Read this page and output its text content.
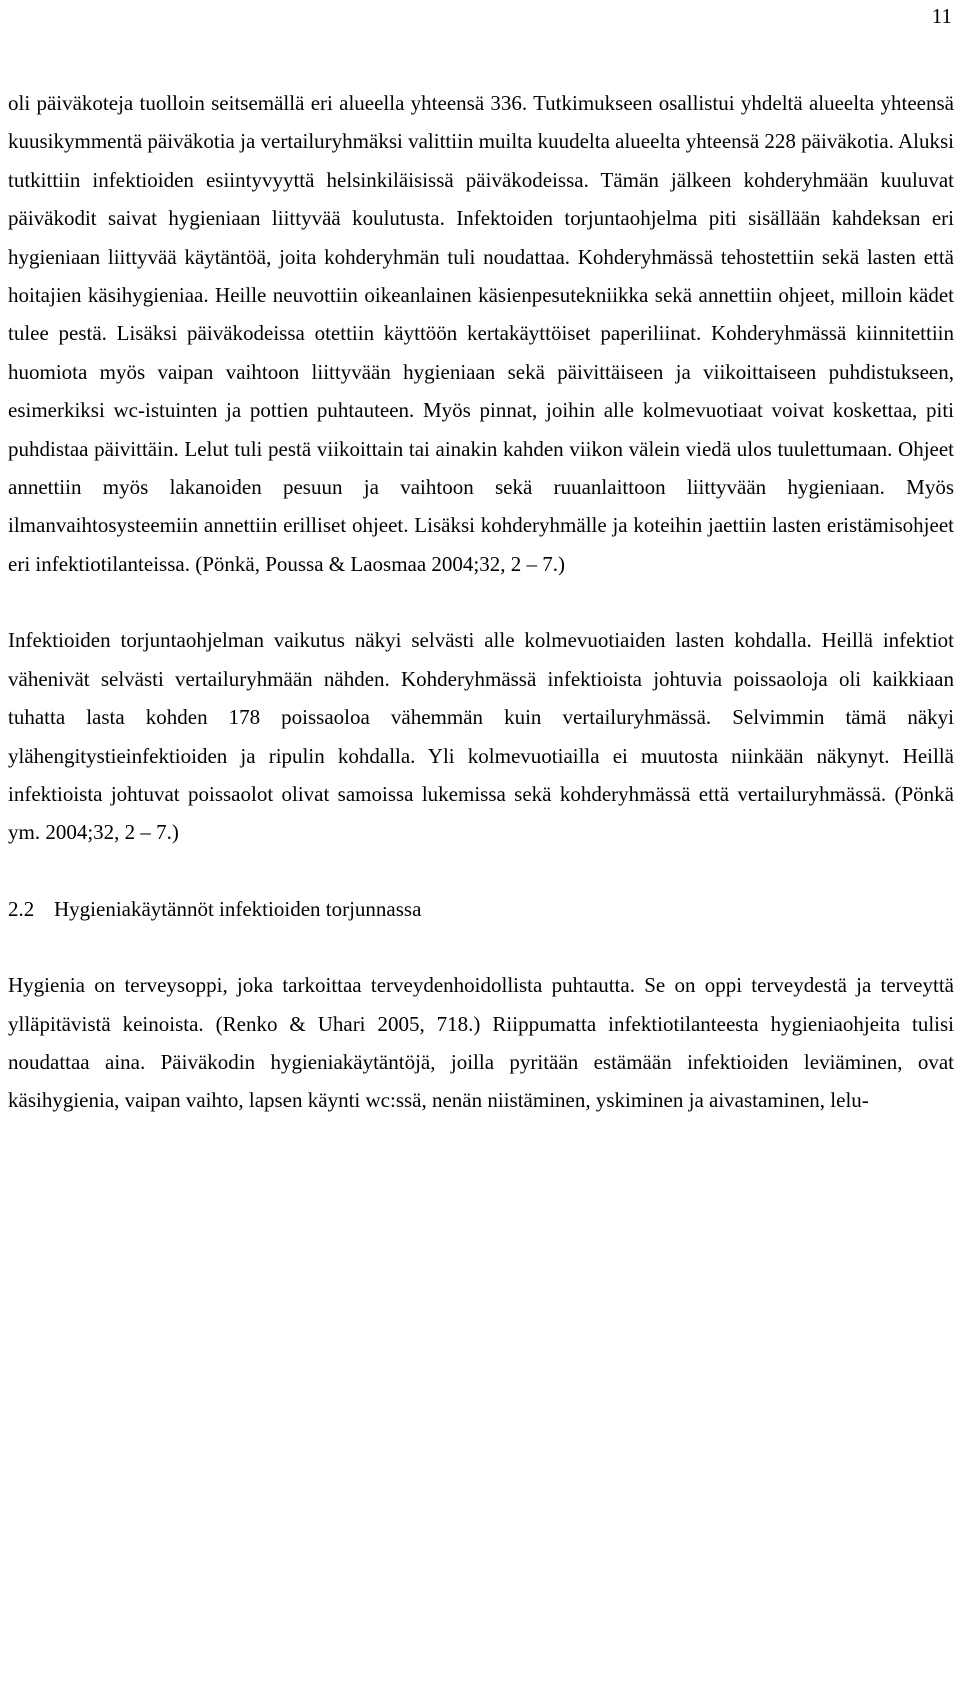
11

oli päiväkoteja tuolloin seitsemällä eri alueella yhteensä 336. Tutkimukseen osallistui yhdeltä alueelta yhteensä kuusikymmentä päiväkotia ja vertailuryhmäksi valittiin muilta kuudelta alueelta yhteensä 228 päiväkotia. Aluksi tutkittiin infektioiden esiintyvyyttä helsinkiläisissä päiväkodeissa. Tämän jälkeen kohderyhmään kuuluvat päiväkodit saivat hygieniaan liittyvää koulutusta. Infektoiden torjuntaohjelma piti sisällään kahdeksan eri hygieniaan liittyvää käytäntöä, joita kohderyhmän tuli noudattaa. Kohderyhmässä tehostettiin sekä lasten että hoitajien käsihygieniaa. Heille neuvottiin oikeanlainen käsienpesutekniikka sekä annettiin ohjeet, milloin kädet tulee pestä. Lisäksi päiväkodeissa otettiin käyttöön kertakäyttöiset paperiliinat. Kohderyhmässä kiinnitettiin huomiota myös vaipan vaihtoon liittyvään hygieniaan sekä päivittäiseen ja viikoittaiseen puhdistukseen, esimerkiksi wc-istuinten ja pottien puhtauteen. Myös pinnat, joihin alle kolmevuotiaat voivat koskettaa, piti puhdistaa päivittäin. Lelut tuli pestä viikoittain tai ainakin kahden viikon välein viedä ulos tuulettumaan. Ohjeet annettiin myös lakanoiden pesuun ja vaihtoon sekä ruuanlaittoon liittyvään hygieniaan. Myös ilmanvaihtosysteemiin annettiin erilliset ohjeet. Lisäksi kohderyhmälle ja koteihin jaettiin lasten eristämisohjeet eri infektiotilanteissa. (Pönkä, Poussa & Laosmaa 2004;32, 2 – 7.)

Infektioiden torjuntaohjelman vaikutus näkyi selvästi alle kolmevuotiaiden lasten kohdalla. Heillä infektiot vähenivät selvästi vertailuryhmään nähden. Kohderyhmässä infektioista johtuvia poissaoloja oli kaikkiaan tuhatta lasta kohden 178 poissaoloa vähemmän kuin vertailuryhmässä. Selvimmin tämä näkyi ylähengitystieinfektioiden ja ripulin kohdalla. Yli kolmevuotiailla ei muutosta niinkään näkynyt. Heillä infektioista johtuvat poissaolot olivat samoissa lukemissa sekä kohderyhmässä että vertailuryhmässä. (Pönkä ym. 2004;32, 2 – 7.)

2.2 Hygieniakäytännöt infektioiden torjunnassa

Hygienia on terveysoppi, joka tarkoittaa terveydenhoidollista puhtautta. Se on oppi terveydestä ja terveyttä ylläpitävistä keinoista. (Renko & Uhari 2005, 718.) Riippumatta infektiotilanteesta hygieniaohjeita tulisi noudattaa aina. Päiväkodin hygieniakäytäntöjä, joilla pyritään estämään infektioiden leviäminen, ovat käsihygienia, vaipan vaihto, lapsen käynti wc:ssä, nenän niistäminen, yskiminen ja aivastaminen, lelu-
